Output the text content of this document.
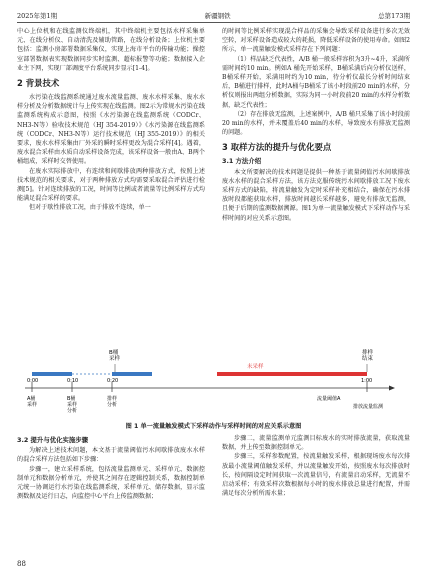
2025年第1期	新疆钢铁	总第173期

中心上位机和在线监测仪终端机，其中终端机主要包括水样采集单元、在线分析仪、自动清洗及辅助管路，在线分析设备；上位机主要包括：监测小房部署数据采集仪，实现上海市平台的传输功能；操控室部署数据表实现数据同步实时监测、超标报警等功能；数据接入企业主下网，实现厂部调度平台系统同步显示[1-4]。

2 背景技术

水污染在线监测系统通过废水流量监测、废水水样采集、废水水样分析及分析数据统计与上传实现在线监测。图2示为常规水污染在线监测系统构成示意图，按照《水污染源在线监测系统（CODCr、NH3-N等）验收技术规范（HJ 354-2019）》《水污染源在线监测系统（CODCr、NH3-N等）运行技术规范（HJ 355-2019）》的相关要求，废水水样采集由厂外采的瞬时采样更改为混合采样[4]。遇着，废水混合采样由水质自动采样设备完成，该采样设备一般由A、B两个桶组成，采样时交替使用。

在废水实际排放中，有连续和间歇排放两种排放方式，按照上述技术规范的相关要求，对于两种排放方式均需要采取混合评估进行检测[5]。针对连续排放的工况，时间等比例或者流量等比例采样方式均能满足混合采样的要求。

但对于歇性排放工况，由于排放不连续，单一

的时间等比例采样实现混合样品的采集会导致采样设备进行多次无效空转，对采样设备造成较大的耗损，降低采样设备的使用寿命。如图2所示，单一流量触发模式采样存在下列问题：

（1）样品缺乏代表性，A/B 桶一般采样容积为3升~4升，采满所需时间约10 min。例如A 桶先开始采样，B桶采满后向分析仪送样，B桶采样开始，采满用时约为10 min，待分析仪最长分析时间结束后，B桶进行排样，此时A桶与B桶采了该小时段前20 min的水样，分析仪则报出两组分析数据，实际为同一小时段前20 min的水样分析数据，缺乏代表性；

（2）存在排放无监测，上述案例中，A/B 桶只采集了该小时段前20 min的水样，并未覆盖后40 min的水样，导致废水有排放无监测的问题。

3 取样方法的提升与优化要点
3.1 方法介绍

本文所要解决的技术问题是提供一种基于流量阈值污水间歇排放废水水样的混合采样方法，该方法克服传统污水间歇排放工况下废水采样方式的缺陷，将流量触发为定时采样补充相结合，确保在污水排放时段都能获取水样，排放时间越长采样越多，避免有排放无监测，且便于后期的监测数据溯源。图1为单一流量触发模式下采样动作与采样时间的对应关系示意图。

未采样
0:00	0:10	0:20	1:00
B桶采样
排样结束
A桶采样
B桶采样分析
排样分析
流量阈值A
排放流量监测
图 1 单一流量触发模式下采样动作与采样时间的对应关系示意图
3.2 提升与优化实施步骤

为解决上述技术问题，本文基于流量阈值污水间歇排放废水水样的混合采样方法包括如下步骤：

步骤一，建立采样系统，包括流量监测单元、采样单元、数据控制单元和数据分析单元，并使其之间存在逻辑控制关系，数据控制单元统一协调运行水污染在线监测系统，采样单元、储存数据，显示监测数据及运行日志，向监控中心平台上传监测数据；

步骤二，流量监测单元监测目标废水的实时排放流量，获取流量数据，并上传至数据控制单元。

步骤三，采样参数配置，按流量触发采样，根据现场废水每次排放最小流量阈值触发采样，并以流量触发开始，按照废水每次排放时长，按间隔设定时间获取一次流量信号，有流量启动采样，无流量不启动采样；有效采样次数根据每小时的废水排放总量进行配置，并需满足每次分析所需水量；

88
